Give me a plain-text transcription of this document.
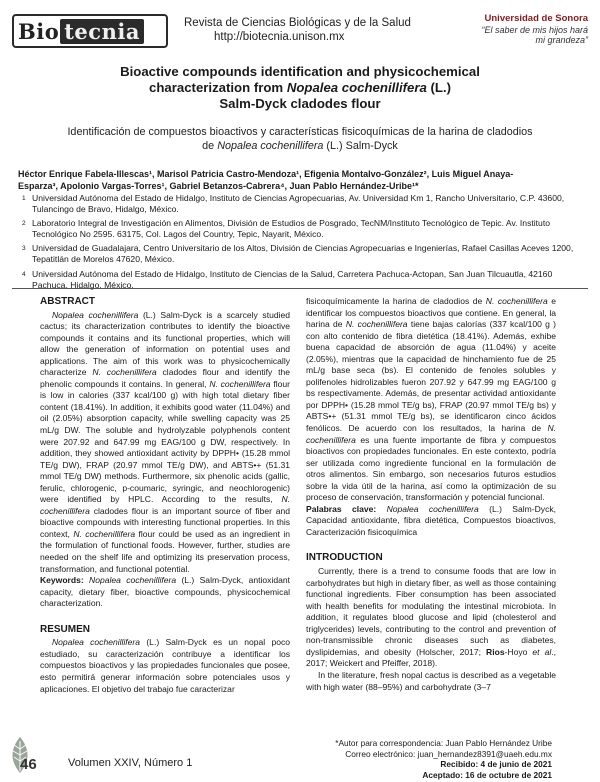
Bio tecnia	Revista de Ciencias Biológicas y de la Salud
http://biotecnia.unison.mx
Universidad de Sonora
“El saber de mis hijos hará
mi grandeza”
Bioactive compounds identification and physicochemical
characterization from Nopalea cochenillifera (L.)
Salm-Dyck cladodes flour
Identificación de compuestos bioactivos y características fisicoquímicas de la harina de cladodios
de Nopalea cochenillifera (L.) Salm-Dyck
Héctor Enrique Fabela-Illescas¹, Marisol Patricia Castro-Mendoza¹, Efigenia Montalvo-González², Luis Miguel Anaya-
Esparza³, Apolonio Vargas-Torres¹, Gabriel Betanzos-Cabrera⁴, Juan Pablo Hernández-Uribe¹*
1 Universidad Autónoma del Estado de Hidalgo, Instituto de Ciencias Agropecuarias, Av. Universidad Km 1, Rancho Universitario, C.P. 43600, Tulancingo de Bravo, Hidalgo, México.
2 Laboratorio Integral de Investigación en Alimentos, División de Estudios de Posgrado, TecNM/Instituto Tecnológico de Tepic. Av. Instituto Tecnológico No 2595. 63175, Col. Lagos del Country, Tepic, Nayarit, México.
3 Universidad de Guadalajara, Centro Universitario de los Altos, División de Ciencias Agropecuarias e Ingenierías, Rafael Casillas Aceves 1200, Tepatitlán de Morelos 47620, México.
4 Universidad Autónoma del Estado de Hidalgo, Instituto de Ciencias de la Salud, Carretera Pachuca-Actopan, San Juan Tilcuautla, 42160 Pachuca, Hidalgo, México.
ABSTRACT

Nopalea cochenillifera (L.) Salm-Dyck is a scarcely studied cactus; its characterization contributes to identify the bioactive compounds it contains and its functional properties, which will allow the generation of information on potential uses and applications. The aim of this work was to physicochemically characterize N. cochenillifera cladodes flour and identify the phenolic compounds it contains. In general, N. cochenillifera flour is low in calories (337 kcal/100 g) with high total dietary fiber content (18.41%). In addition, it exhibits good water (11.04%) and oil (2.05%) absorption capacity, while swelling capacity was 25 mL/g DW. The soluble and hydrolyzable polyphenols content were 207.92 and 647.99 mg EAG/100 g DW, respectively. In addition, they showed antioxidant activity by DPPH• (15.28 mmol TE/g DW), FRAP (20.97 mmol TE/g DW), and ABTS•+ (51.31 mmol TE/g DW) methods. Furthermore, six phenolic acids (gallic, ferulic, chlorogenic, p-coumaric, syringic, and neochlorogenic) were identified by HPLC. According to the results, N. cochenillifera cladodes flour is an important source of fiber and bioactive compounds with interesting functional properties. In this context, N. cochenillifera flour could be used as an ingredient in the formulation of functional foods. However, further, studies are needed on the shelf life and optimizing its preservation process, transformation, and functional potential.

Keywords: Nopalea cochenillifera (L.) Salm-Dyck, antioxidant capacity, dietary fiber, bioactive compounds, physicochemical characterization.

RESUMEN

Nopalea cochenillifera (L.) Salm-Dyck es un nopal poco estudiado, su caracterización contribuye a identificar los compuestos bioactivos y las propiedades funcionales que posee, esto permitirá generar información sobre potenciales usos y aplicaciones. El objetivo del trabajo fue caracterizar

fisicoquímicamente la harina de cladodios de N. cochenillifera e identificar los compuestos bioactivos que contiene. En general, la harina de N. cochenillifera tiene bajas calorías (337 kcal/100 g ) con alto contenido de fibra dietética (18.41%). Además, exhibe buena capacidad de absorción de agua (11.04%) y aceite (2.05%), mientras que la capacidad de hinchamiento fue de 25 mL/g base seca (bs). El contenido de fenoles solubles y polifenoles hidrolizables fueron 207.92 y 647.99 mg EAG/100 g bs respectivamente. Además, de presentar actividad antioxidante por DPPH• (15.28 mmol TE/g bs), FRAP (20.97 mmol TE/g bs) y ABTS•+ (51.31 mmol TE/g bs), se identificaron cinco ácidos fenólicos. De acuerdo con los resultados, la harina de N. cochenillifera es una fuente importante de fibra y compuestos bioactivos con propiedades funcionales. En este contexto, podría ser utilizada como ingrediente funcional en la formulación de otros alimentos. Sin embargo, son necesarios futuros estudios sobre la vida útil de la harina, así como la optimización de su proceso de conservación, transformación y potencial funcional.

Palabras clave: Nopalea cochenillifera (L.) Salm-Dyck, Capacidad antioxidante, fibra dietética, Compuestos bioactivos, Caracterización fisicoquímica

INTRODUCTION

Currently, there is a trend to consume foods that are low in carbohydrates but high in dietary fiber, as well as those containing functional ingredients. Fiber consumption has been associated with health benefits for modulating the intestinal microbiota. In addition, it regulates blood glucose and lipid (cholesterol and triglycerides) levels, contributing to the control and prevention of non-transmissible chronic diseases such as diabetes, dyslipidemias, and obesity (Holscher, 2017; Rios-Hoyo et al., 2017; Weickert and Pfeiffer, 2018).

In the literature, fresh nopal cactus is described as a vegetable with high water (88–95%) and carbohydrate (3–7

46	Volumen XXIV, Número 1
*Autor para correspondencia: Juan Pablo Hernández Uribe
Correo electrónico: juan_hernandez8391@uaeh.edu.mx
Recibido: 4 de junio de 2021
Aceptado: 16 de octubre de 2021
